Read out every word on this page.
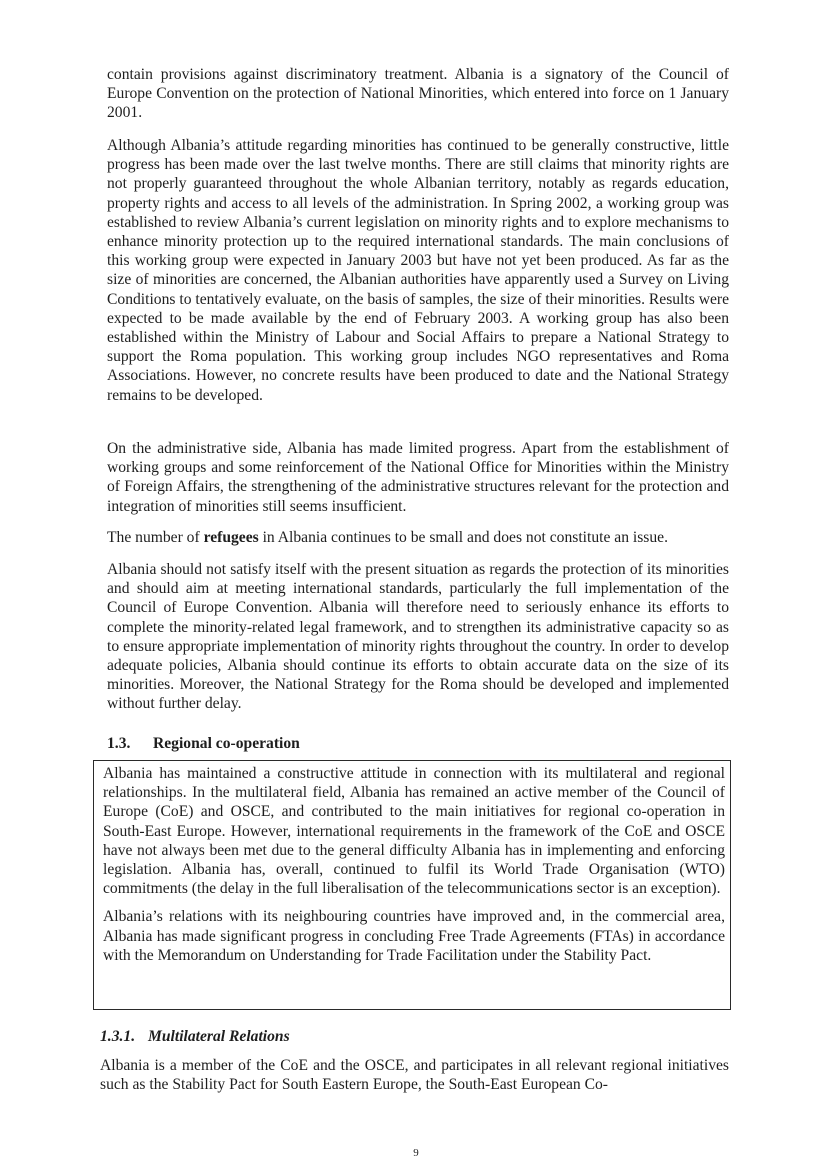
contain provisions against discriminatory treatment. Albania is a signatory of the Council of Europe Convention on the protection of National Minorities, which entered into force on 1 January 2001.

Although Albania’s attitude regarding minorities has continued to be generally constructive, little progress has been made over the last twelve months. There are still claims that minority rights are not properly guaranteed throughout the whole Albanian territory, notably as regards education, property rights and access to all levels of the administration. In Spring 2002, a working group was established to review Albania’s current legislation on minority rights and to explore mechanisms to enhance minority protection up to the required international standards. The main conclusions of this working group were expected in January 2003 but have not yet been produced. As far as the size of minorities are concerned, the Albanian authorities have apparently used a Survey on Living Conditions to tentatively evaluate, on the basis of samples, the size of their minorities. Results were expected to be made available by the end of February 2003. A working group has also been established within the Ministry of Labour and Social Affairs to prepare a National Strategy to support the Roma population. This working group includes NGO representatives and Roma Associations. However, no concrete results have been produced to date and the National Strategy remains to be developed.

On the administrative side, Albania has made limited progress. Apart from the establishment of working groups and some reinforcement of the National Office for Minorities within the Ministry of Foreign Affairs, the strengthening of the administrative structures relevant for the protection and integration of minorities still seems insufficient.

The number of refugees in Albania continues to be small and does not constitute an issue.

Albania should not satisfy itself with the present situation as regards the protection of its minorities and should aim at meeting international standards, particularly the full implementation of the Council of Europe Convention. Albania will therefore need to seriously enhance its efforts to complete the minority-related legal framework, and to strengthen its administrative capacity so as to ensure appropriate implementation of minority rights throughout the country. In order to develop adequate policies, Albania should continue its efforts to obtain accurate data on the size of its minorities. Moreover, the National Strategy for the Roma should be developed and implemented without further delay.

1.3. Regional co-operation

Albania has maintained a constructive attitude in connection with its multilateral and regional relationships. In the multilateral field, Albania has remained an active member of the Council of Europe (CoE) and OSCE, and contributed to the main initiatives for regional co-operation in South-East Europe. However, international requirements in the framework of the CoE and OSCE have not always been met due to the general difficulty Albania has in implementing and enforcing legislation. Albania has, overall, continued to fulfil its World Trade Organisation (WTO) commitments (the delay in the full liberalisation of the telecommunications sector is an exception).

Albania’s relations with its neighbouring countries have improved and, in the commercial area, Albania has made significant progress in concluding Free Trade Agreements (FTAs) in accordance with the Memorandum on Understanding for Trade Facilitation under the Stability Pact.

1.3.1. Multilateral Relations

Albania is a member of the CoE and the OSCE, and participates in all relevant regional initiatives such as the Stability Pact for South Eastern Europe, the South-East European Co-

9
